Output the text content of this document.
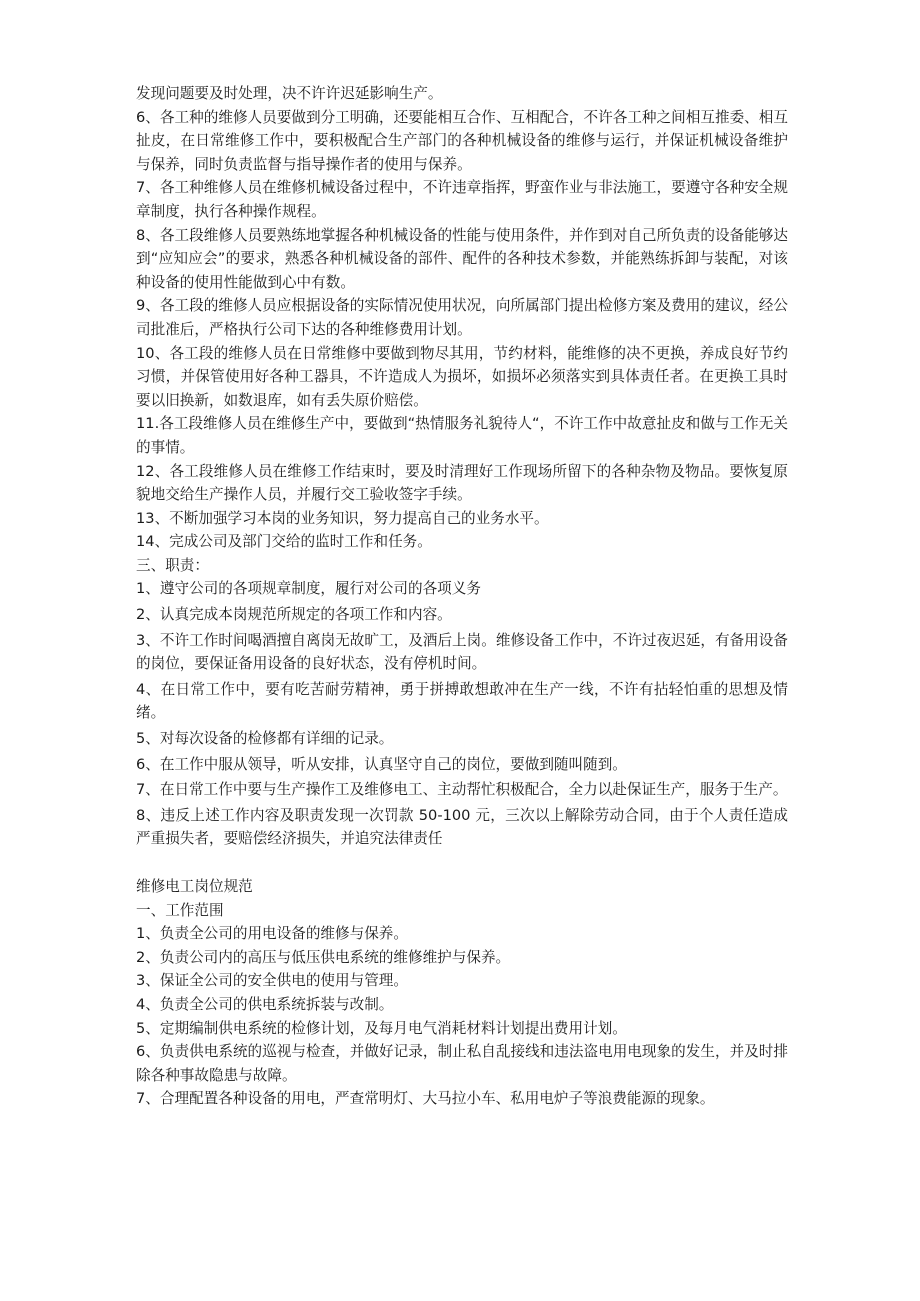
发现问题要及时处理，决不许许迟延影响生产。

6、各工种的维修人员要做到分工明确，还要能相互合作、互相配合，不许各工种之间相互推委、相互扯皮，在日常维修工作中，要积极配合生产部门的各种机械设备的维修与运行，并保证机械设备维护与保养，同时负责监督与指导操作者的使用与保养。

7、各工种维修人员在维修机械设备过程中，不许违章指挥，野蛮作业与非法施工，要遵守各种安全规章制度，执行各种操作规程。

8、各工段维修人员要熟练地掌握各种机械设备的性能与使用条件，并作到对自己所负责的设备能够达到“应知应会”的要求，熟悉各种机械设备的部件、配件的各种技术参数，并能熟练拆卸与装配，对该种设备的使用性能做到心中有数。

9、各工段的维修人员应根据设备的实际情况使用状况，向所属部门提出检修方案及费用的建议，经公司批准后，严格执行公司下达的各种维修费用计划。

10、各工段的维修人员在日常维修中要做到物尽其用，节约材料，能维修的决不更换，养成良好节约习惯，并保管使用好各种工器具，不许造成人为损坏，如损坏必须落实到具体责任者。在更换工具时要以旧换新，如数退库，如有丢失原价赔偿。

11.各工段维修人员在维修生产中，要做到“热情服务礼貌待人“，不许工作中故意扯皮和做与工作无关的事情。

12、各工段维修人员在维修工作结束时，要及时清理好工作现场所留下的各种杂物及物品。要恢复原貌地交给生产操作人员，并履行交工验收签字手续。

13、不断加强学习本岗的业务知识，努力提高自己的业务水平。

14、完成公司及部门交给的监时工作和任务。

三、职责：

1、遵守公司的各项规章制度，履行对公司的各项义务

2、认真完成本岗规范所规定的各项工作和内容。

3、不许工作时间喝酒擅自离岗无故旷工，及酒后上岗。维修设备工作中，不许过夜迟延，有备用设备的岗位，要保证备用设备的良好状态，没有停机时间。

4、在日常工作中，要有吃苦耐劳精神，勇于拼搏敢想敢冲在生产一线，不许有拈轻怕重的思想及情绪。

5、对每次设备的检修都有详细的记录。

6、在工作中服从领导，听从安排，认真坚守自己的岗位，要做到随叫随到。

7、在日常工作中要与生产操作工及维修电工、主动帮忙积极配合，全力以赴保证生产，服务于生产。

8、违反上述工作内容及职责发现一次罚款 50-100 元，三次以上解除劳动合同，由于个人责任造成严重损失者，要赔偿经济损失，并追究法律责任

维修电工岗位规范

一、工作范围

1、负责全公司的用电设备的维修与保养。

2、负责公司内的高压与低压供电系统的维修维护与保养。

3、保证全公司的安全供电的使用与管理。

4、负责全公司的供电系统拆装与改制。

5、定期编制供电系统的检修计划，及每月电气消耗材料计划提出费用计划。

6、负责供电系统的巡视与检查，并做好记录，制止私自乱接线和违法盗电用电现象的发生，并及时排除各种事故隐患与故障。

7、合理配置各种设备的用电，严查常明灯、大马拉小车、私用电炉子等浪费能源的现象。
